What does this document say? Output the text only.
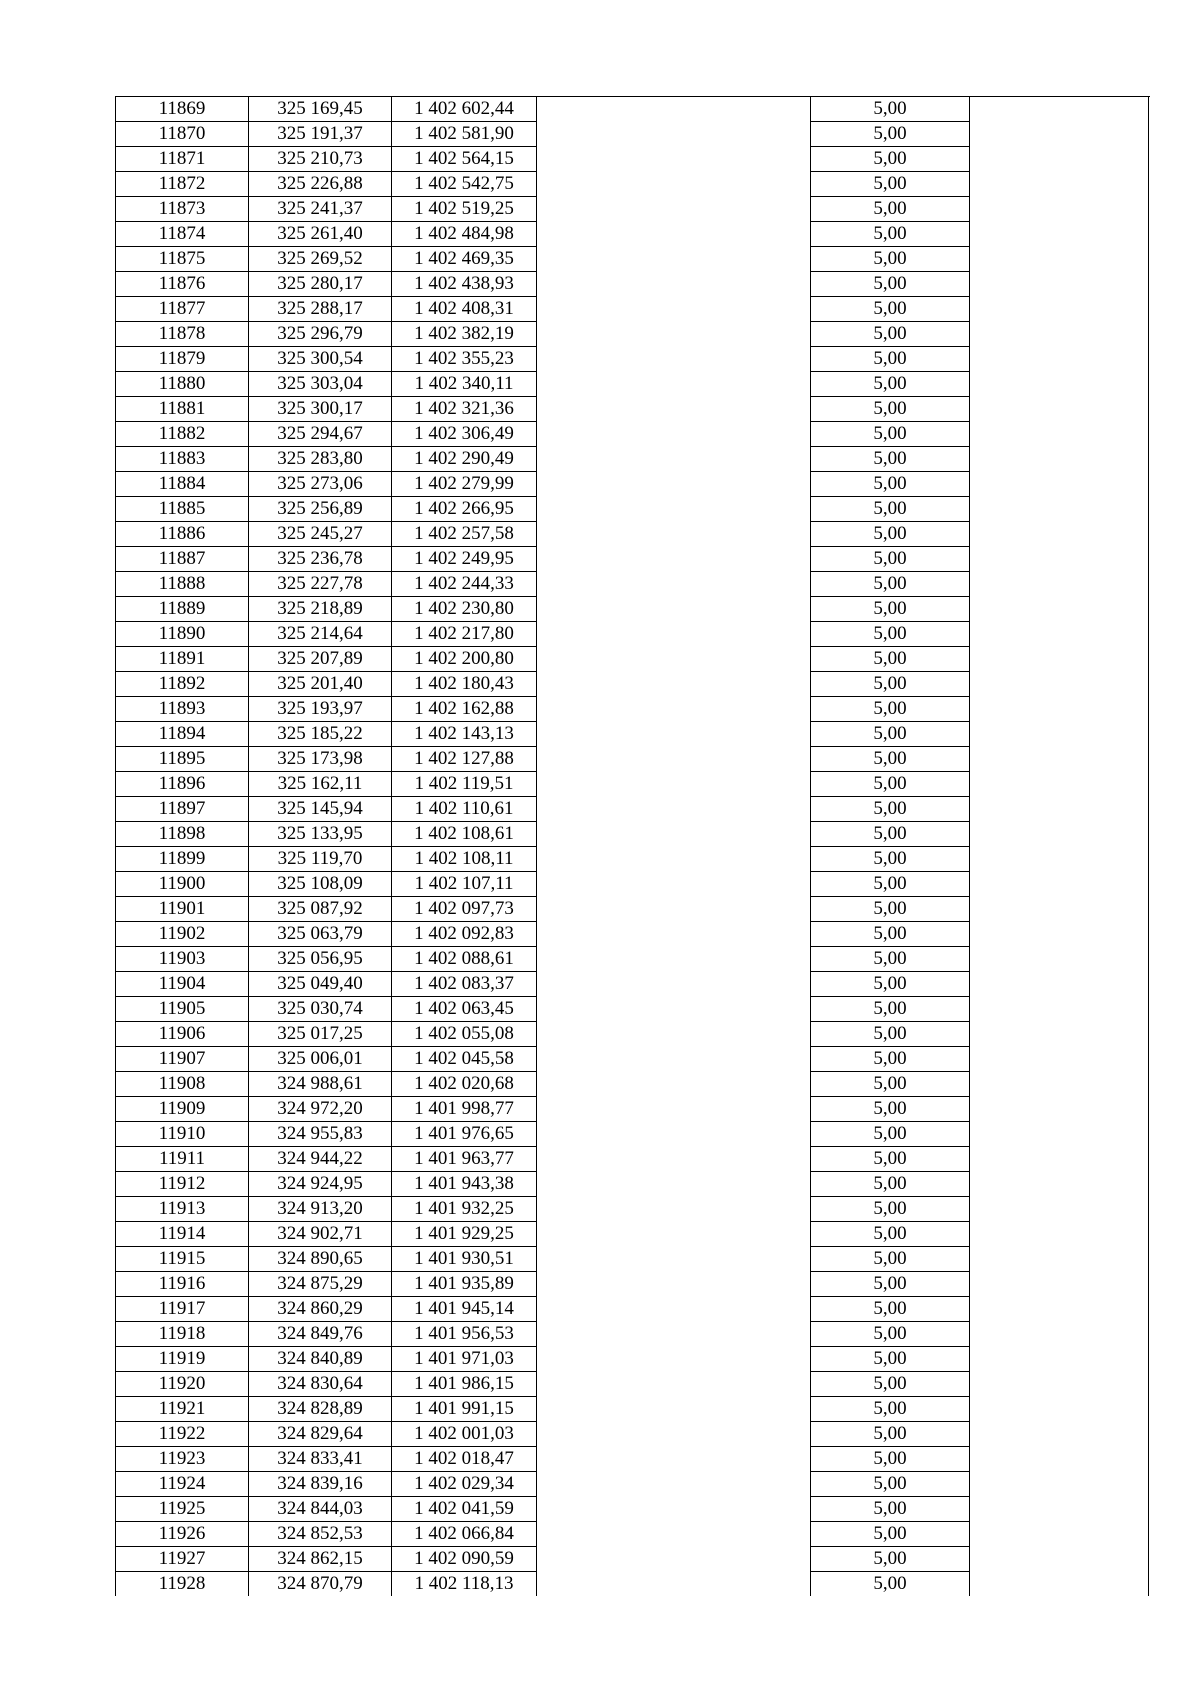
11869	325 169,45	1 402 602,44	5,00
11870	325 191,37	1 402 581,90	5,00
11871	325 210,73	1 402 564,15	5,00
11872	325 226,88	1 402 542,75	5,00
11873	325 241,37	1 402 519,25	5,00
11874	325 261,40	1 402 484,98	5,00
11875	325 269,52	1 402 469,35	5,00
11876	325 280,17	1 402 438,93	5,00
11877	325 288,17	1 402 408,31	5,00
11878	325 296,79	1 402 382,19	5,00
11879	325 300,54	1 402 355,23	5,00
11880	325 303,04	1 402 340,11	5,00
11881	325 300,17	1 402 321,36	5,00
11882	325 294,67	1 402 306,49	5,00
11883	325 283,80	1 402 290,49	5,00
11884	325 273,06	1 402 279,99	5,00
11885	325 256,89	1 402 266,95	5,00
11886	325 245,27	1 402 257,58	5,00
11887	325 236,78	1 402 249,95	5,00
11888	325 227,78	1 402 244,33	5,00
11889	325 218,89	1 402 230,80	5,00
11890	325 214,64	1 402 217,80	5,00
11891	325 207,89	1 402 200,80	5,00
11892	325 201,40	1 402 180,43	5,00
11893	325 193,97	1 402 162,88	5,00
11894	325 185,22	1 402 143,13	5,00
11895	325 173,98	1 402 127,88	5,00
11896	325 162,11	1 402 119,51	5,00
11897	325 145,94	1 402 110,61	5,00
11898	325 133,95	1 402 108,61	5,00
11899	325 119,70	1 402 108,11	5,00
11900	325 108,09	1 402 107,11	5,00
11901	325 087,92	1 402 097,73	5,00
11902	325 063,79	1 402 092,83	5,00
11903	325 056,95	1 402 088,61	5,00
11904	325 049,40	1 402 083,37	5,00
11905	325 030,74	1 402 063,45	5,00
11906	325 017,25	1 402 055,08	5,00
11907	325 006,01	1 402 045,58	5,00
11908	324 988,61	1 402 020,68	5,00
11909	324 972,20	1 401 998,77	5,00
11910	324 955,83	1 401 976,65	5,00
11911	324 944,22	1 401 963,77	5,00
11912	324 924,95	1 401 943,38	5,00
11913	324 913,20	1 401 932,25	5,00
11914	324 902,71	1 401 929,25	5,00
11915	324 890,65	1 401 930,51	5,00
11916	324 875,29	1 401 935,89	5,00
11917	324 860,29	1 401 945,14	5,00
11918	324 849,76	1 401 956,53	5,00
11919	324 840,89	1 401 971,03	5,00
11920	324 830,64	1 401 986,15	5,00
11921	324 828,89	1 401 991,15	5,00
11922	324 829,64	1 402 001,03	5,00
11923	324 833,41	1 402 018,47	5,00
11924	324 839,16	1 402 029,34	5,00
11925	324 844,03	1 402 041,59	5,00
11926	324 852,53	1 402 066,84	5,00
11927	324 862,15	1 402 090,59	5,00
11928	324 870,79	1 402 118,13	5,00
